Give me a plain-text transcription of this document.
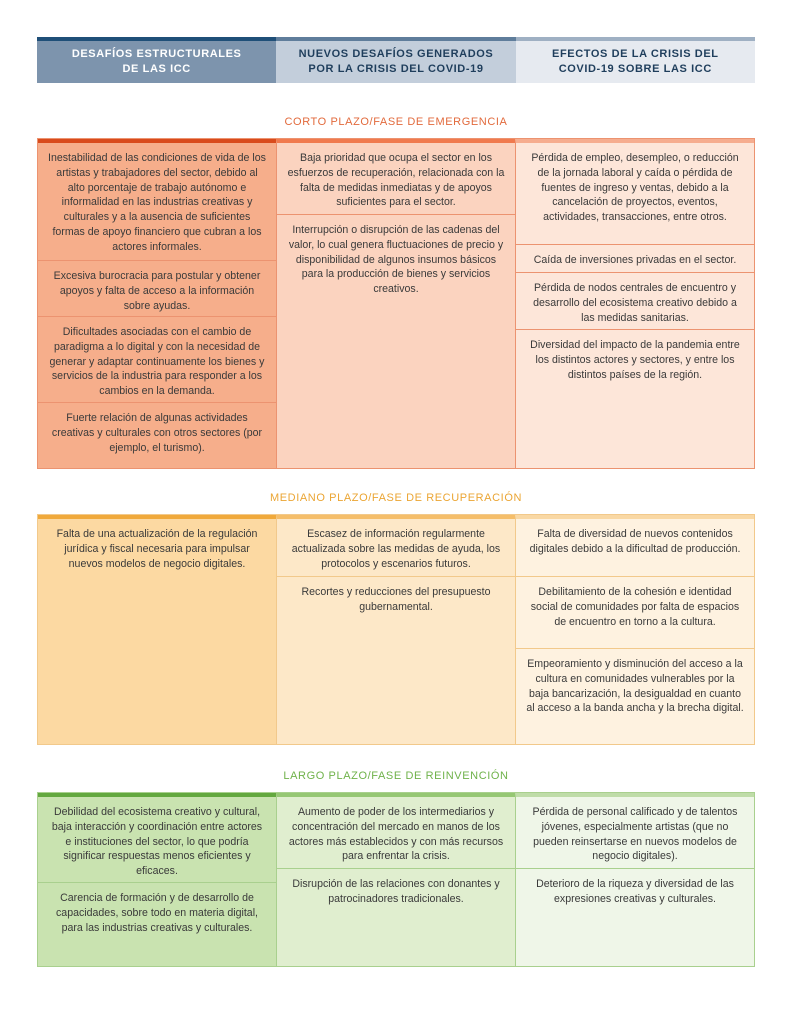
DESAFÍOS ESTRUCTURALES
DE LAS ICC
NUEVOS DESAFÍOS GENERADOS
POR LA CRISIS DEL COVID-19
EFECTOS DE LA CRISIS DEL
COVID-19 SOBRE LAS ICC
CORTO PLAZO/FASE DE EMERGENCIA
Inestabilidad de las condiciones de vida de los artistas y trabajadores del sector, debido al alto porcentaje de trabajo autónomo e informalidad en las industrias creativas y culturales y a la ausencia de suficientes formas de apoyo financiero que cubran a los actores informales.
Excesiva burocracia para postular y obtener apoyos y falta de acceso a la información sobre ayudas.
Dificultades asociadas con el cambio de paradigma a lo digital y con la necesidad de generar y adaptar continuamente los bienes y servicios de la industria para responder a los cambios en la demanda.
Fuerte relación de algunas actividades creativas y culturales con otros sectores (por ejemplo, el turismo).
Baja prioridad que ocupa el sector en los esfuerzos de recuperación, relacionada con la falta de medidas inmediatas y de apoyos suficientes para el sector.
Interrupción o disrupción de las cadenas del valor, lo cual genera fluctuaciones de precio y disponibilidad de algunos insumos básicos para la producción de bienes y servicios creativos.
Pérdida de empleo, desempleo, o reducción de la jornada laboral y caída o pérdida de fuentes de ingreso y ventas, debido a la cancelación de proyectos, eventos, actividades, transacciones, entre otros.
Caída de inversiones privadas en el sector.
Pérdida de nodos centrales de encuentro y desarrollo del ecosistema creativo debido a las medidas sanitarias.
Diversidad del impacto de la pandemia entre los distintos actores y sectores, y entre los distintos países de la región.
MEDIANO PLAZO/FASE DE RECUPERACIÓN
Falta de una actualización de la regulación jurídica y fiscal necesaria para impulsar nuevos modelos de negocio digitales.
Escasez de información regularmente actualizada sobre las medidas de ayuda, los protocolos y escenarios futuros.
Recortes y reducciones del presupuesto gubernamental.
Falta de diversidad de nuevos contenidos digitales debido a la dificultad de producción.
Debilitamiento de la cohesión e identidad social de comunidades por falta de espacios de encuentro en torno a la cultura.
Empeoramiento y disminución del acceso a la cultura en comunidades vulnerables por la baja bancarización, la desigualdad en cuanto al acceso a la banda ancha y la brecha digital.
LARGO PLAZO/FASE DE REINVENCIÓN
Debilidad del ecosistema creativo y cultural, baja interacción y coordinación entre actores e instituciones del sector, lo que podría significar respuestas menos eficientes y eficaces.
Carencia de formación y de desarrollo de capacidades, sobre todo en materia digital, para las industrias creativas y culturales.
Aumento de poder de los intermediarios y concentración del mercado en manos de los actores más establecidos y con más recursos para enfrentar la crisis.
Disrupción de las relaciones con donantes y patrocinadores tradicionales.
Pérdida de personal calificado y de talentos jóvenes, especialmente artistas (que no pueden reinsertarse en nuevos modelos de negocio digitales).
Deterioro de la riqueza y diversidad de las expresiones creativas y culturales.
